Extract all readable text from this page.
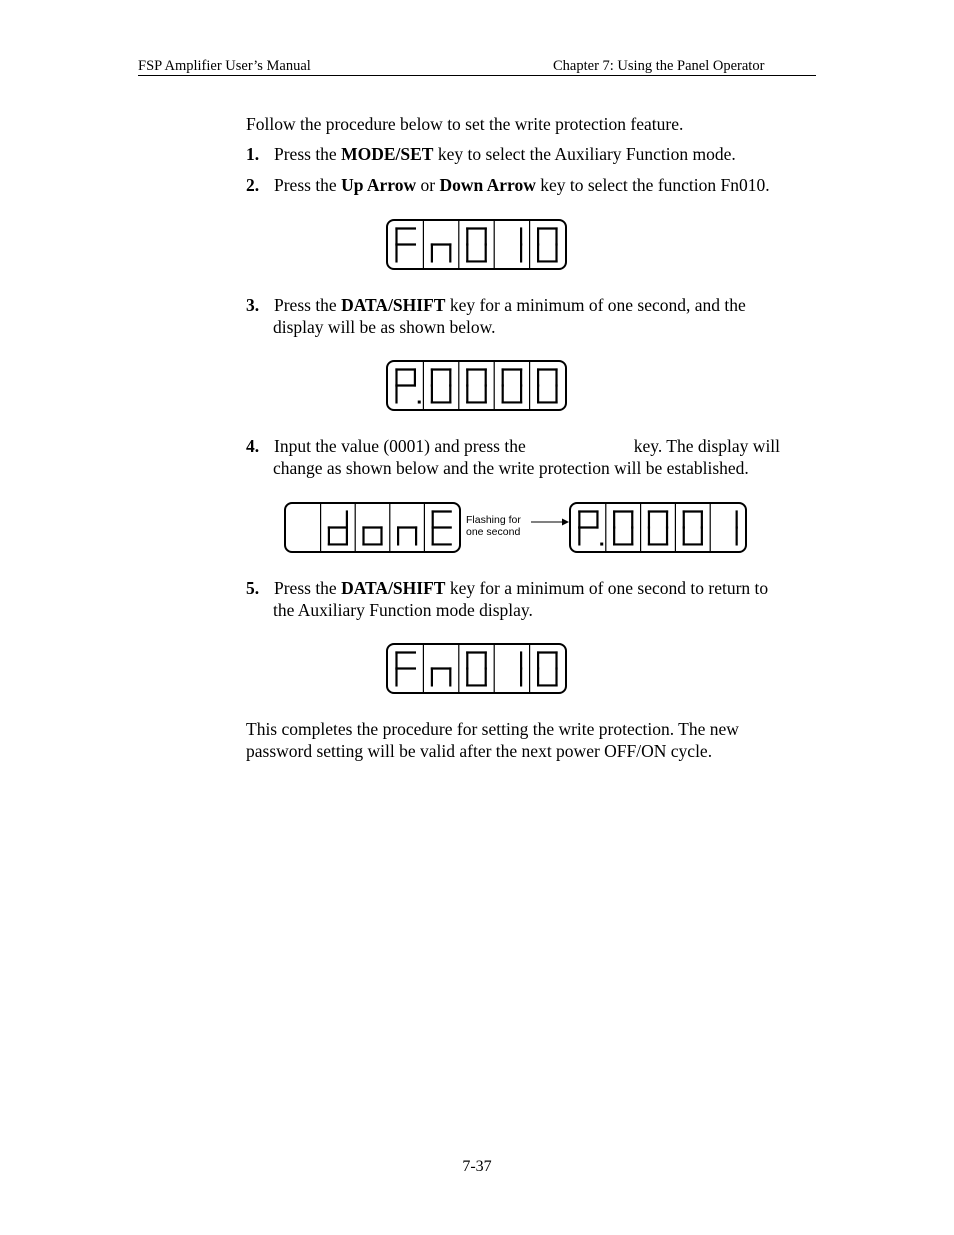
FSP Amplifier User’s Manual	Chapter 7: Using the Panel Operator
Follow the procedure below to set the write protection feature.
1. Press the MODE/SET key to select the Auxiliary Function mode.
2. Press the Up Arrow or Down Arrow key to select the function Fn010.
3. Press the DATA/SHIFT key for a minimum of one second, and the
display will be as shown below.
4. Input the value (0001) and press the	key. The display will
change as shown below and the write protection will be established.
Flashing for
one second
5. Press the DATA/SHIFT key for a minimum of one second to return to
the Auxiliary Function mode display.
This completes the procedure for setting the write protection. The new
password setting will be valid after the next power OFF/ON cycle.
7-37
